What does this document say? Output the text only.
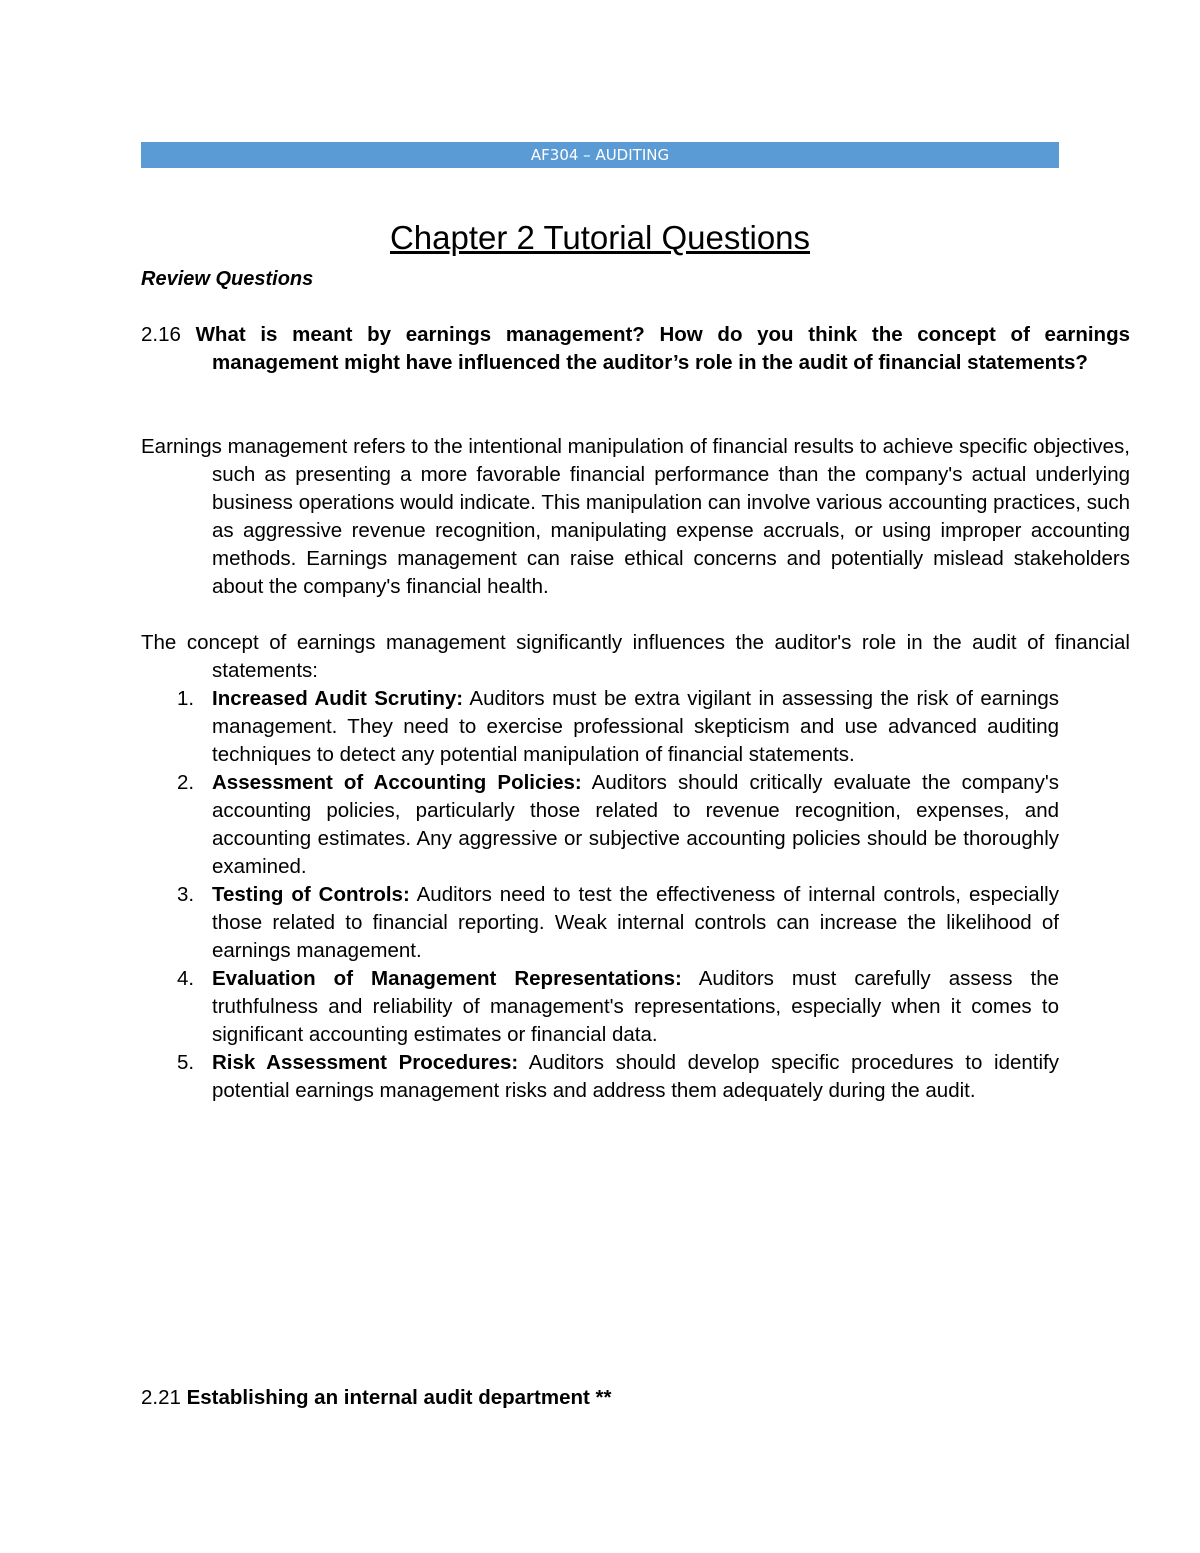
AF304 – AUDITING
Chapter 2 Tutorial Questions
Review Questions
2.16 What is meant by earnings management? How do you think the concept of earnings management might have influenced the auditor’s role in the audit of financial statements?
Earnings management refers to the intentional manipulation of financial results to achieve specific objectives, such as presenting a more favorable financial performance than the company's actual underlying business operations would indicate. This manipulation can involve various accounting practices, such as aggressive revenue recognition, manipulating expense accruals, or using improper accounting methods. Earnings management can raise ethical concerns and potentially mislead stakeholders about the company's financial health.
The concept of earnings management significantly influences the auditor's role in the audit of financial statements:
1. Increased Audit Scrutiny: Auditors must be extra vigilant in assessing the risk of earnings management. They need to exercise professional skepticism and use advanced auditing techniques to detect any potential manipulation of financial statements.
2. Assessment of Accounting Policies: Auditors should critically evaluate the company's accounting policies, particularly those related to revenue recognition, expenses, and accounting estimates. Any aggressive or subjective accounting policies should be thoroughly examined.
3. Testing of Controls: Auditors need to test the effectiveness of internal controls, especially those related to financial reporting. Weak internal controls can increase the likelihood of earnings management.
4. Evaluation of Management Representations: Auditors must carefully assess the truthfulness and reliability of management's representations, especially when it comes to significant accounting estimates or financial data.
5. Risk Assessment Procedures: Auditors should develop specific procedures to identify potential earnings management risks and address them adequately during the audit.
2.21 Establishing an internal audit department **
